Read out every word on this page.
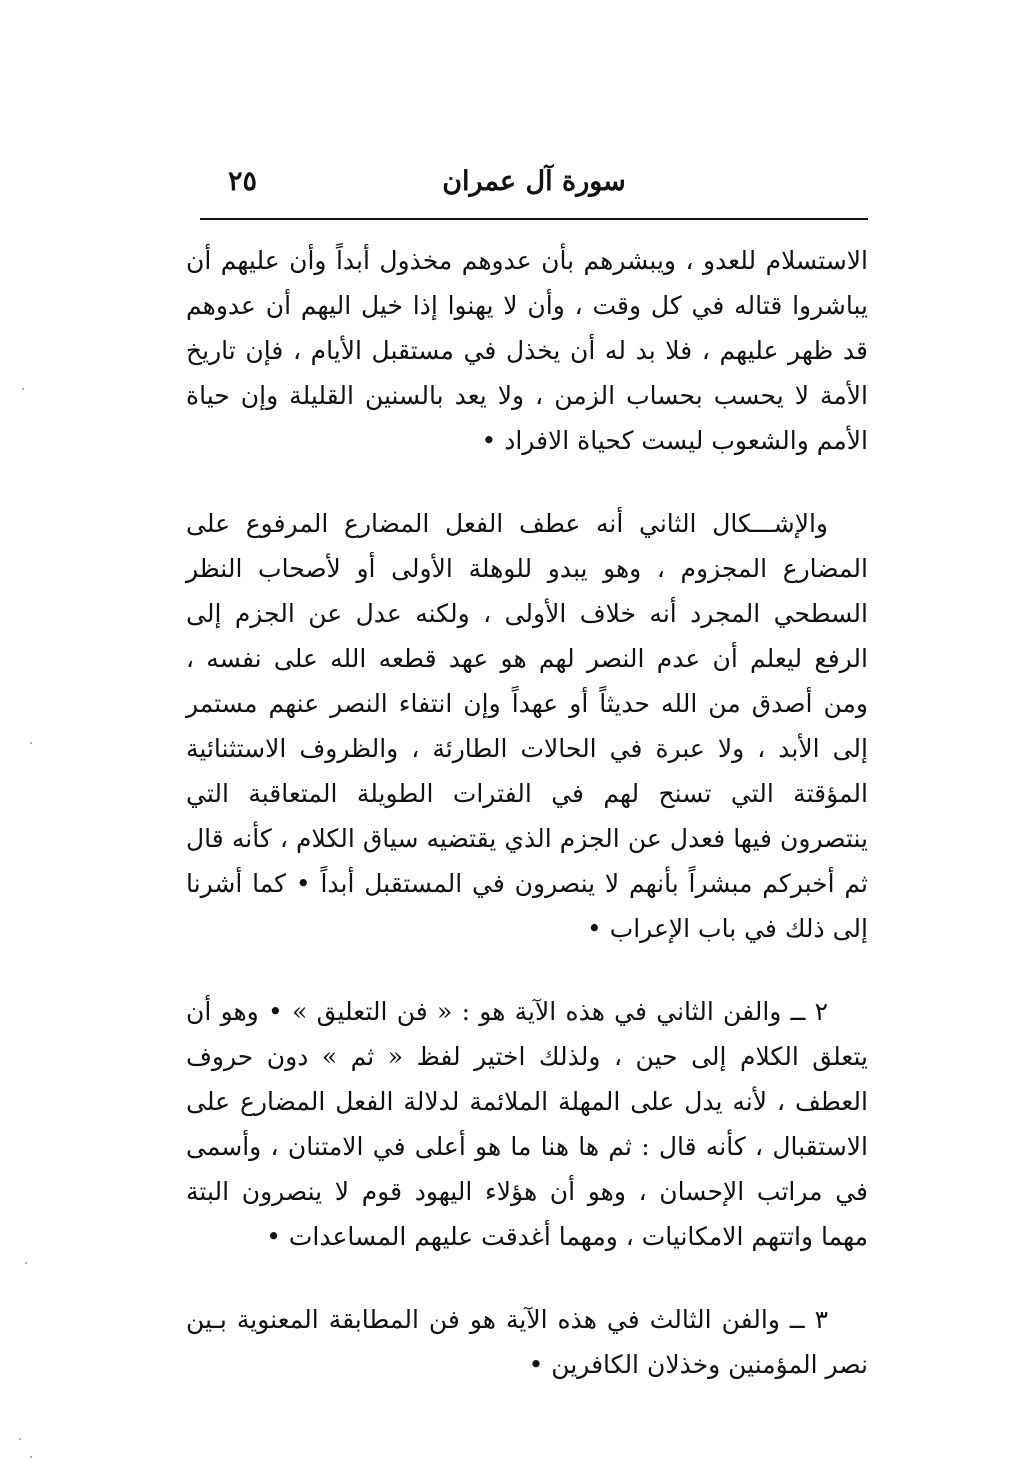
سورة آل عمران
٢٥

الاستسلام للعدو ، ويبشرهم بأن عدوهم مخذول أبداً وأن عليهم أن يباشروا قتاله في كل وقت ، وأن لا يهنوا إذا خيل اليهم أن عدوهم قد ظهر عليهم ، فلا بد له أن يخذل في مستقبل الأيام ، فإن تاريخ الأمة لا يحسب بحساب الزمن ، ولا يعد بالسنين القليلة وإن حياة الأمم والشعوب ليست كحياة الافراد •

والإشـــكال الثاني أنه عطف الفعل المضارع المرفوع على المضارع المجزوم ، وهو يبدو للوهلة الأولى أو لأصحاب النظر السطحي المجرد أنه خلاف الأولى ، ولكنه عدل عن الجزم إلى الرفع ليعلم أن عدم النصر لهم هو عهد قطعه الله على نفسه ، ومن أصدق من الله حديثاً أو عهداً وإن انتفاء النصر عنهم مستمر إلى الأبد ، ولا عبرة في الحالات الطارئة ، والظروف الاستثنائية المؤقتة التي تسنح لهم في الفترات الطويلة المتعاقبة التي ينتصرون فيها فعدل عن الجزم الذي يقتضيه سياق الكلام ، كأنه قال ثم أخبركم مبشراً بأنهم لا ينصرون في المستقبل أبداً • كما أشرنا إلى ذلك في باب الإعراب •

٢ ــ والفن الثاني في هذه الآية هو : « فن التعليق » • وهو أن يتعلق الكلام إلى حين ، ولذلك اختير لفظ « ثم » دون حروف العطف ، لأنه يدل على المهلة الملائمة لدلالة الفعل المضارع على الاستقبال ، كأنه قال : ثم ها هنا ما هو أعلى في الامتنان ، وأسمى في مراتب الإحسان ، وهو أن هؤلاء اليهود قوم لا ينصرون البتة مهما واتتهم الامكانيات ، ومهما أغدقت عليهم المساعدات •

٣ ــ والفن الثالث في هذه الآية هو فن المطابقة المعنوية بـين نصر المؤمنين وخذلان الكافرين •
